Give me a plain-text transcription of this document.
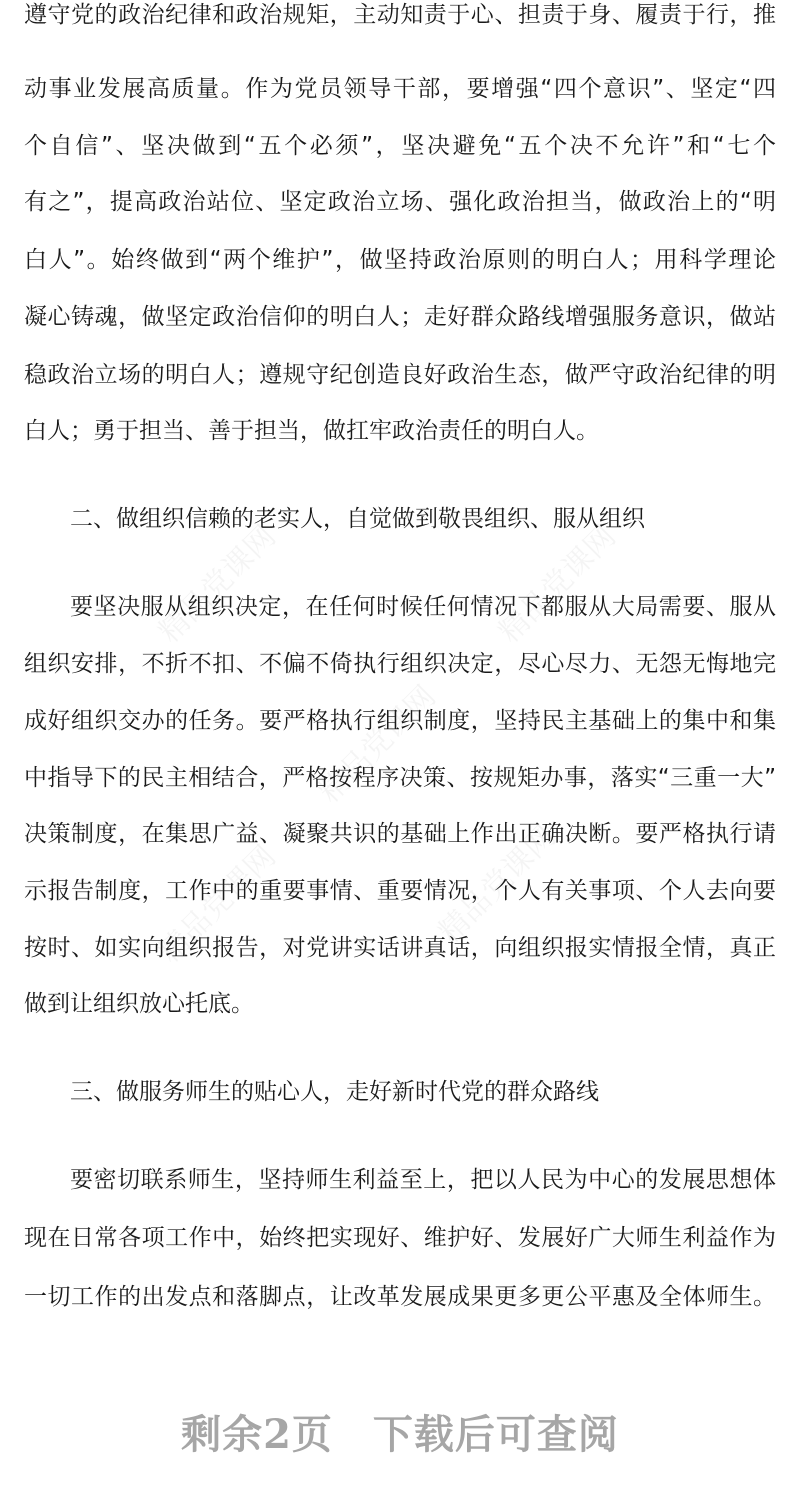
遵守党的政治纪律和政治规矩，主动知责于心、担责于身、履责于行，推
动事业发展高质量。作为党员领导干部，要增强“四个意识”、坚定“四
个自信”、坚决做到“五个必须”，坚决避免“五个决不允许”和“七个
有之”，提高政治站位、坚定政治立场、强化政治担当，做政治上的“明
白人”。始终做到“两个维护”，做坚持政治原则的明白人；用科学理论
凝心铸魂，做坚定政治信仰的明白人；走好群众路线增强服务意识，做站
稳政治立场的明白人；遵规守纪创造良好政治生态，做严守政治纪律的明
白人；勇于担当、善于担当，做扛牢政治责任的明白人。
二、做组织信赖的老实人，自觉做到敬畏组织、服从组织
要坚决服从组织决定，在任何时候任何情况下都服从大局需要、服从
组织安排，不折不扣、不偏不倚执行组织决定，尽心尽力、无怨无悔地完
成好组织交办的任务。要严格执行组织制度，坚持民主基础上的集中和集
中指导下的民主相结合，严格按程序决策、按规矩办事，落实“三重一大”
决策制度，在集思广益、凝聚共识的基础上作出正确决断。要严格执行请
示报告制度，工作中的重要事情、重要情况，个人有关事项、个人去向要
按时、如实向组织报告，对党讲实话讲真话，向组织报实情报全情，真正
做到让组织放心托底。
三、做服务师生的贴心人，走好新时代党的群众路线
要密切联系师生，坚持师生利益至上，把以人民为中心的发展思想体
现在日常各项工作中，始终把实现好、维护好、发展好广大师生利益作为
一切工作的出发点和落脚点，让改革发展成果更多更公平惠及全体师生。
剩余2页 下载后可查阅
